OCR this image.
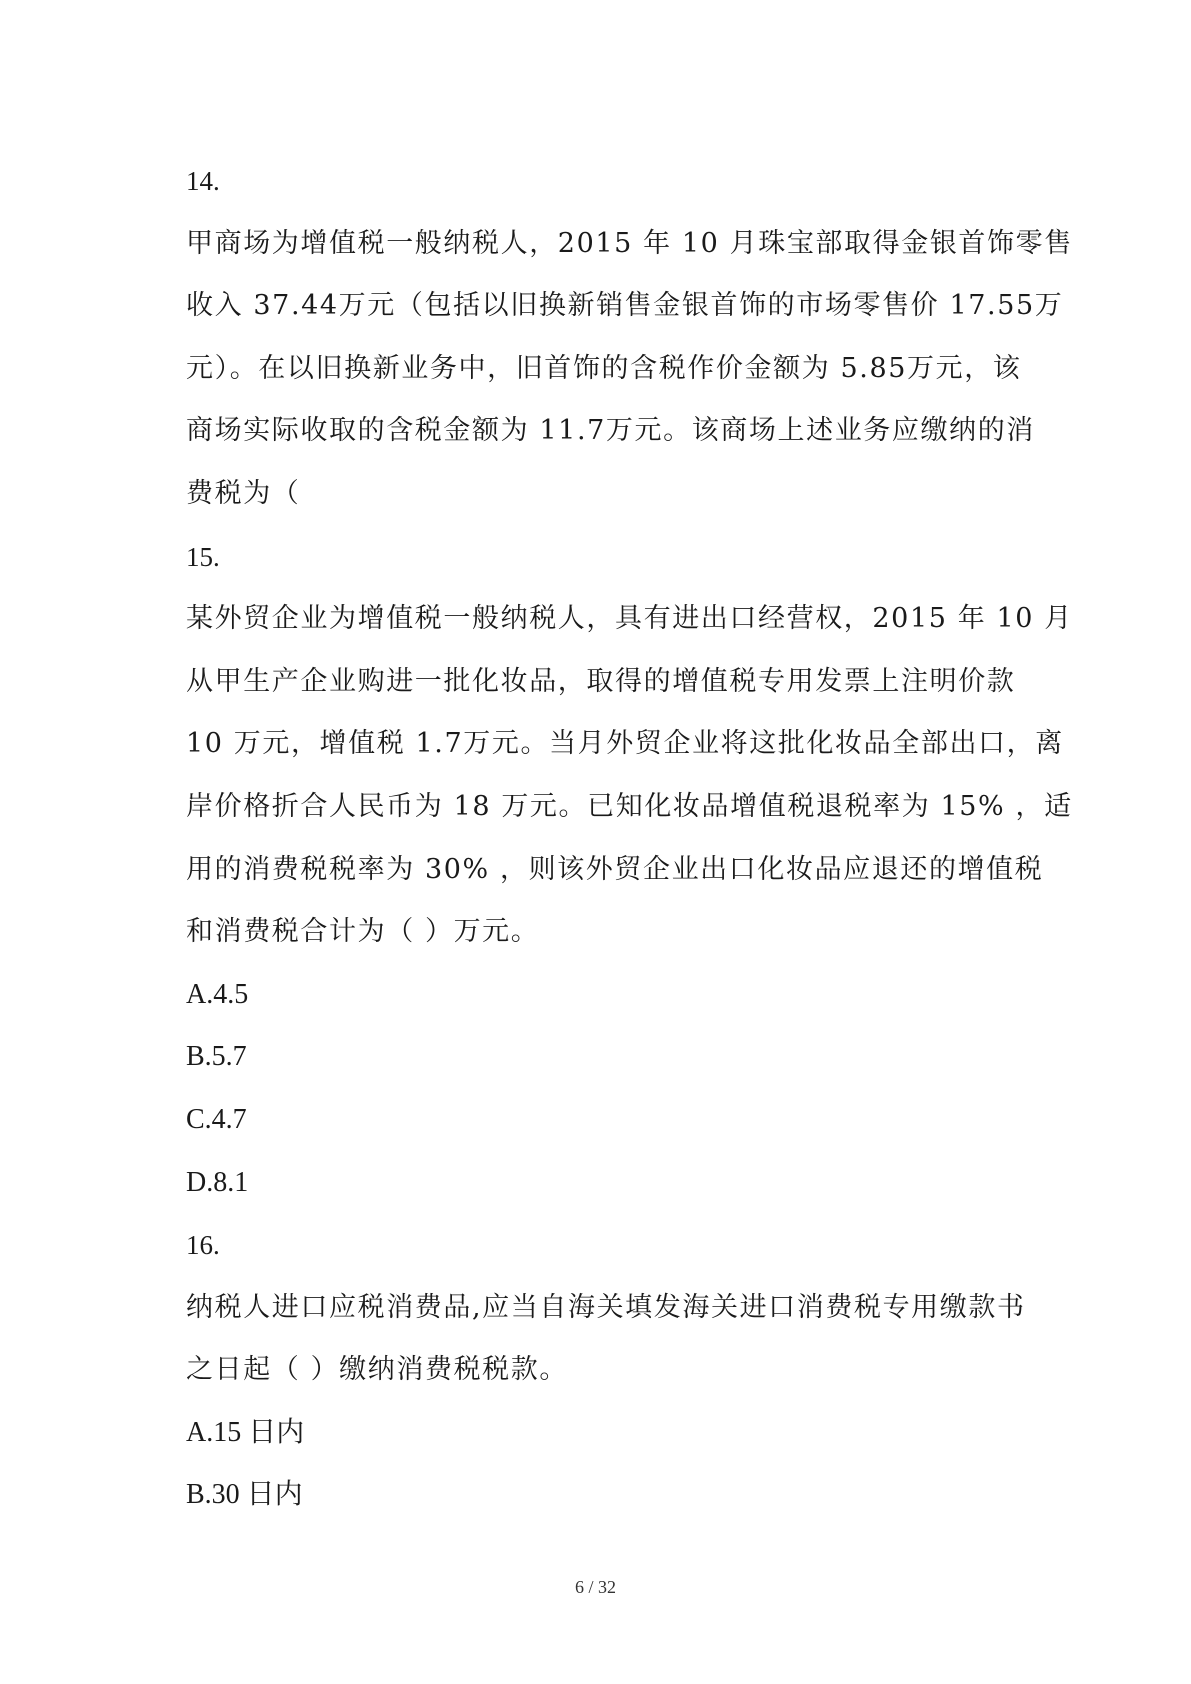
14.
甲商场为增值税一般纳税人，2015 年 10 月珠宝部取得金银首饰零售
收入 37.44万元（包括以旧换新销售金银首饰的市场零售价 17.55万
元）。在以旧换新业务中，旧首饰的含税作价金额为 5.85万元，该
商场实际收取的含税金额为 11.7万元。该商场上述业务应缴纳的消
费税为（
15.
某外贸企业为增值税一般纳税人，具有进出口经营权，2015 年 10 月
从甲生产企业购进一批化妆品，取得的增值税专用发票上注明价款
10 万元，增值税 1.7万元。当月外贸企业将这批化妆品全部出口，离
岸价格折合人民币为 18 万元。已知化妆品增值税退税率为 15% ，适
用的消费税税率为 30% ，则该外贸企业出口化妆品应退还的增值税
和消费税合计为（ ）万元。
A.4.5
B.5.7
C.4.7
D.8.1
16.
纳税人进口应税消费品,应当自海关填发海关进口消费税专用缴款书
之日起（ ）缴纳消费税税款。
A.15 日内
B.30 日内
6 / 32
